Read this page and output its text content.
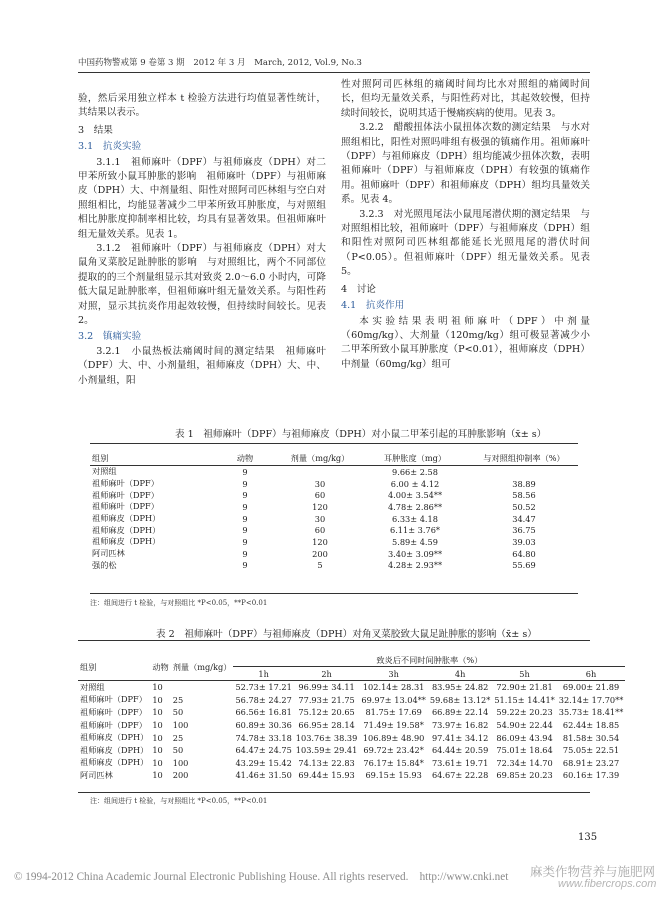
中国药物警戒第 9 卷第 3 期 2012 年 3 月 March, 2012, Vol.9, No.3

验，然后采用独立样本 t 检验方法进行均值显著性统计，其结果以表示。

3　结果

3.1　抗炎实验

3.1.1　祖师麻叶（DPF）与祖师麻皮（DPH）对二甲苯所致小鼠耳肿胀的影响　祖师麻叶（DPF）与祖师麻皮（DPH）大、中剂量组、阳性对照阿司匹林组与空白对照组相比，均能显著减少二甲苯所致耳肿胀度，与对照组相比肿胀度抑制率相比较，均具有显著效果。但祖师麻叶组无量效关系。见表 1。

3.1.2　祖师麻叶（DPF）与祖师麻皮（DPH）对大鼠角叉菜胶足趾肿胀的影响　与对照组比，两个不同部位提取的的三个剂量组显示其对致炎 2.0～6.0 小时内，可降低大鼠足趾肿胀率，但祖师麻叶组无量效关系。与阳性药对照，显示其抗炎作用起效较慢，但持续时间较长。见表 2。

3.2　镇痛实验

3.2.1　小鼠热板法痛阈时间的测定结果　祖师麻叶（DPF）大、中、小剂量组，祖师麻皮（DPH）大、中、小剂量组，阳

性对照阿司匹林组的痛阈时间均比水对照组的痛阈时间长，但均无量效关系，与阳性药对比，其起效较慢，但持续时间较长，说明其适于慢痛疾病的使用。见表 3。

3.2.2　醋酸扭体法小鼠扭体次数的测定结果　与水对照组相比，阳性对照吗啡组有极强的镇痛作用。祖师麻叶（DPF）与祖师麻皮（DPH）组均能减少扭体次数，表明祖师麻叶（DPF）与祖师麻皮（DPH）有较强的镇痛作用。祖师麻叶（DPF）和祖师麻皮（DPH）组均具量效关系。见表 4。

3.2.3　对光照甩尾法小鼠甩尾潜伏期的测定结果　与对照组相比较，祖师麻叶（DPF）与祖师麻皮（DPH）组和阳性对照阿司匹林组都能延长光照甩尾的潜伏时间（P<0.05）。但祖师麻叶（DPF）组无量效关系。见表 5。

4　讨论

4.1　抗炎作用

本实验结果表明祖师麻叶（DPF）中剂量（60mg/kg）、大剂量（120mg/kg）组可极显著减少小二甲苯所致小鼠耳肿胀度（P<0.01），祖师麻皮（DPH）中剂量（60mg/kg）组可

表 1　祖师麻叶（DPF）与祖师麻皮（DPH）对小鼠二甲苯引起的耳肿胀影响（x̄± s）
组别	动物	剂量（mg/kg）	耳肿胀度（mg）	与对照组抑制率（%）
对照组	9		9.66± 2.58	
祖师麻叶（DPF）	9	30	6.00 ± 4.12	38.89
祖师麻叶（DPF）	9	60	4.00± 3.54**	58.56
祖师麻叶（DPF）	9	120	4.78± 2.86**	50.52
祖师麻皮（DPH）	9	30	6.33± 4.18	34.47
祖师麻皮（DPH）	9	60	6.11± 3.76*	36.75
祖师麻皮（DPH）	9	120	5.89± 4.59	39.03
阿司匹林	9	200	3.40± 3.09**	64.80
强的松	9	5	4.28± 2.93**	55.69
注：组间进行 t 检验，与对照组比 *P<0.05，**P<0.01
表 2　祖师麻叶（DPF）与祖师麻皮（DPH）对角叉菜胶致大鼠足趾肿胀的影响（x̄± s）
组别	动物	剂量（mg/kg）	致炎后不同时间肿胀率（%）					
			1h	2h	3h	4h	5h	6h
对照组	10		52.73± 17.21	96.99± 34.11	102.14± 28.31	83.95± 24.82	72.90± 21.81	69.00± 21.89
祖师麻叶（DPF）	10	25	56.78± 24.27	77.93± 21.75	69.97± 13.04**	59.68± 13.12*	51.15± 14.41*	32.14± 17.70**
祖师麻叶（DPF）	10	50	66.56± 16.81	75.12± 20.65	81.75± 17.69	66.89± 22.14	59.22± 20.23	35.73± 18.41**
祖师麻叶（DPF）	10	100	60.89± 30.36	66.95± 28.14	71.49± 19.58*	73.97± 16.82	54.90± 22.44	62.44± 18.85
祖师麻皮（DPH）	10	25	74.78± 33.18	103.76± 38.39	106.89± 48.90	97.41± 34.12	86.09± 43.94	81.58± 30.54
祖师麻皮（DPH）	10	50	64.47± 24.75	103.59± 29.41	69.72± 23.42*	64.44± 20.59	75.01± 18.64	75.05± 22.51
祖师麻皮（DPH）	10	100	43.29± 15.42	74.13± 22.83	76.17± 15.84*	73.61± 19.71	72.34± 14.70	68.91± 23.27
阿司匹林	10	200	41.46± 31.50	69.44± 15.93	69.15± 15.93	64.67± 22.28	69.85± 20.23	60.16± 17.39
注：组间进行 t 检验，与对照组比 *P<0.05，**P<0.01
135
© 1994-2012 China Academic Journal Electronic Publishing House. All rights reserved.　http://www.cnki.net 麻类作物营养与施肥网
www.fibercrops.com
